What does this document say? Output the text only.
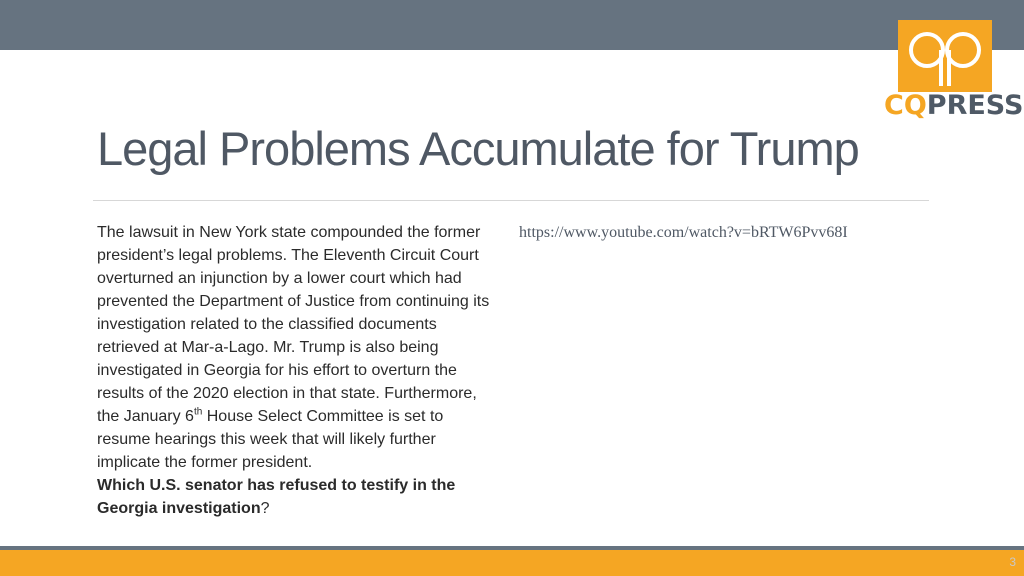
CQPRESS
Legal Problems Accumulate for Trump

The lawsuit in New York state compounded the former president’s legal problems. The Eleventh Circuit Court overturned an injunction by a lower court which had prevented the Department of Justice from continuing its investigation related to the classified documents retrieved at Mar-a-Lago. Mr. Trump is also being investigated in Georgia for his effort to overturn the results of the 2020 election in that state. Furthermore, the January 6th House Select Committee is set to resume hearings this week that will likely further implicate the former president.

Which U.S. senator has refused to testify in the Georgia investigation?

https://www.youtube.com/watch?v=bRTW6Pvv68I
3
